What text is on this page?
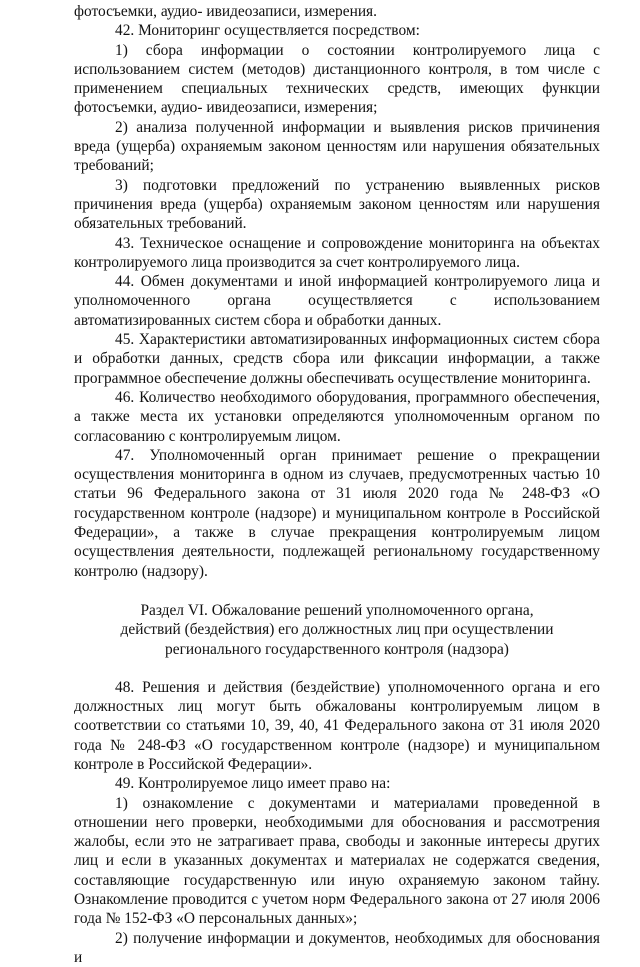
фотосъемки, аудио- ивидеозаписи, измерения.

42. Мониторинг осуществляется посредством:

1) сбора информации о состоянии контролируемого лица с использованием систем (методов) дистанционного контроля, в том числе с применением специальных технических средств, имеющих функции фотосъемки, аудио- ивидеозаписи, измерения;

2) анализа полученной информации и выявления рисков причинения вреда (ущерба) охраняемым законом ценностям или нарушения обязательных требований;

3) подготовки предложений по устранению выявленных рисков причинения вреда (ущерба) охраняемым законом ценностям или нарушения обязательных требований.

43. Техническое оснащение и сопровождение мониторинга на объектах контролируемого лица производится за счет контролируемого лица.

44. Обмен документами и иной информацией контролируемого лица и уполномоченного органа осуществляется с использованием автоматизированных систем сбора и обработки данных.

45. Характеристики автоматизированных информационных систем сбора и обработки данных, средств сбора или фиксации информации, а также программное обеспечение должны обеспечивать осуществление мониторинга.

46. Количество необходимого оборудования, программного обеспечения, а также места их установки определяются уполномоченным органом по согласованию с контролируемым лицом.

47. Уполномоченный орган принимает решение о прекращении осуществления мониторинга в одном из случаев, предусмотренных частью 10 статьи 96 Федерального закона от 31 июля 2020 года № 248-ФЗ «О государственном контроле (надзоре) и муниципальном контроле в Российской Федерации», а также в случае прекращения контролируемым лицом осуществления деятельности, подлежащей региональному государственному контролю (надзору).

Раздел VI. Обжалование решений уполномоченного органа,

действий (бездействия) его должностных лиц при осуществлении

регионального государственного контроля (надзора)

48. Решения и действия (бездействие) уполномоченного органа и его должностных лиц могут быть обжалованы контролируемым лицом в соответствии со статьями 10, 39, 40, 41 Федерального закона от 31 июля 2020 года № 248-ФЗ «О государственном контроле (надзоре) и муниципальном контроле в Российской Федерации».

49. Контролируемое лицо имеет право на:

1) ознакомление с документами и материалами проведенной в отношении него проверки, необходимыми для обоснования и рассмотрения жалобы, если это не затрагивает права, свободы и законные интересы других лиц и если в указанных документах и материалах не содержатся сведения, составляющие государственную или иную охраняемую законом тайну. Ознакомление проводится с учетом норм Федерального закона от 27 июля 2006 года № 152-ФЗ «О персональных данных»;

2) получение информации и документов, необходимых для обоснования и
